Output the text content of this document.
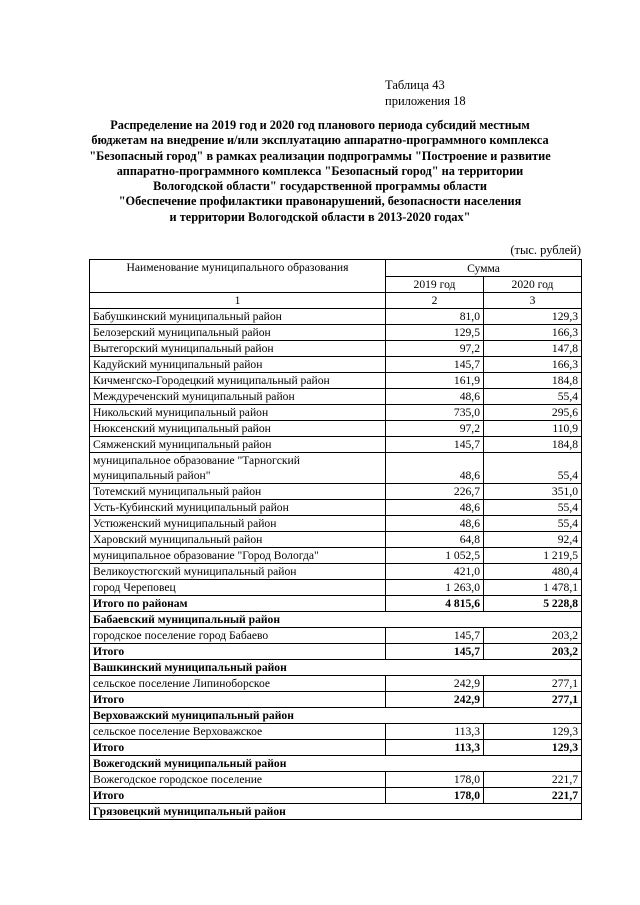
Таблица 43
приложения 18
Распределение на 2019 год и 2020 год планового периода субсидий местным
бюджетам на внедрение и/или эксплуатацию аппаратно-программного комплекса
"Безопасный город" в рамках реализации подпрограммы "Построение и развитие
аппаратно-программного комплекса "Безопасный город" на территории
Вологодской области" государственной программы области
"Обеспечение профилактики правонарушений, безопасности населения
и территории Вологодской области в 2013-2020 годах"
(тыс. рублей)
Наименование муниципального образования	Сумма	
	2019 год	2020 год
1	2	3
Бабушкинский муниципальный район	81,0	129,3
Белозерский муниципальный район	129,5	166,3
Вытегорский муниципальный район	97,2	147,8
Кадуйский муниципальный район	145,7	166,3
Кичменгско-Городецкий муниципальный район	161,9	184,8
Междуреченский муниципальный район	48,6	55,4
Никольский муниципальный район	735,0	295,6
Нюксенский муниципальный район	97,2	110,9
Сямженский муниципальный район	145,7	184,8
муниципальное образование "Тарногский муниципальный район"	48,6	55,4
Тотемский муниципальный район	226,7	351,0
Усть-Кубинский муниципальный район	48,6	55,4
Устюженский муниципальный район	48,6	55,4
Харовский муниципальный район	64,8	92,4
муниципальное образование "Город Вологда"	1 052,5	1 219,5
Великоустюгский муниципальный район	421,0	480,4
город Череповец	1 263,0	1 478,1
Итого по районам	4 815,6	5 228,8
Бабаевский муниципальный район		
городское поселение город Бабаево	145,7	203,2
Итого	145,7	203,2
Вашкинский муниципальный район		
сельское поселение Липиноборское	242,9	277,1
Итого	242,9	277,1
Верховажский муниципальный район		
сельское поселение Верховажское	113,3	129,3
Итого	113,3	129,3
Вожегодский муниципальный район		
Вожегодское городское поселение	178,0	221,7
Итого	178,0	221,7
Грязовецкий муниципальный район		
